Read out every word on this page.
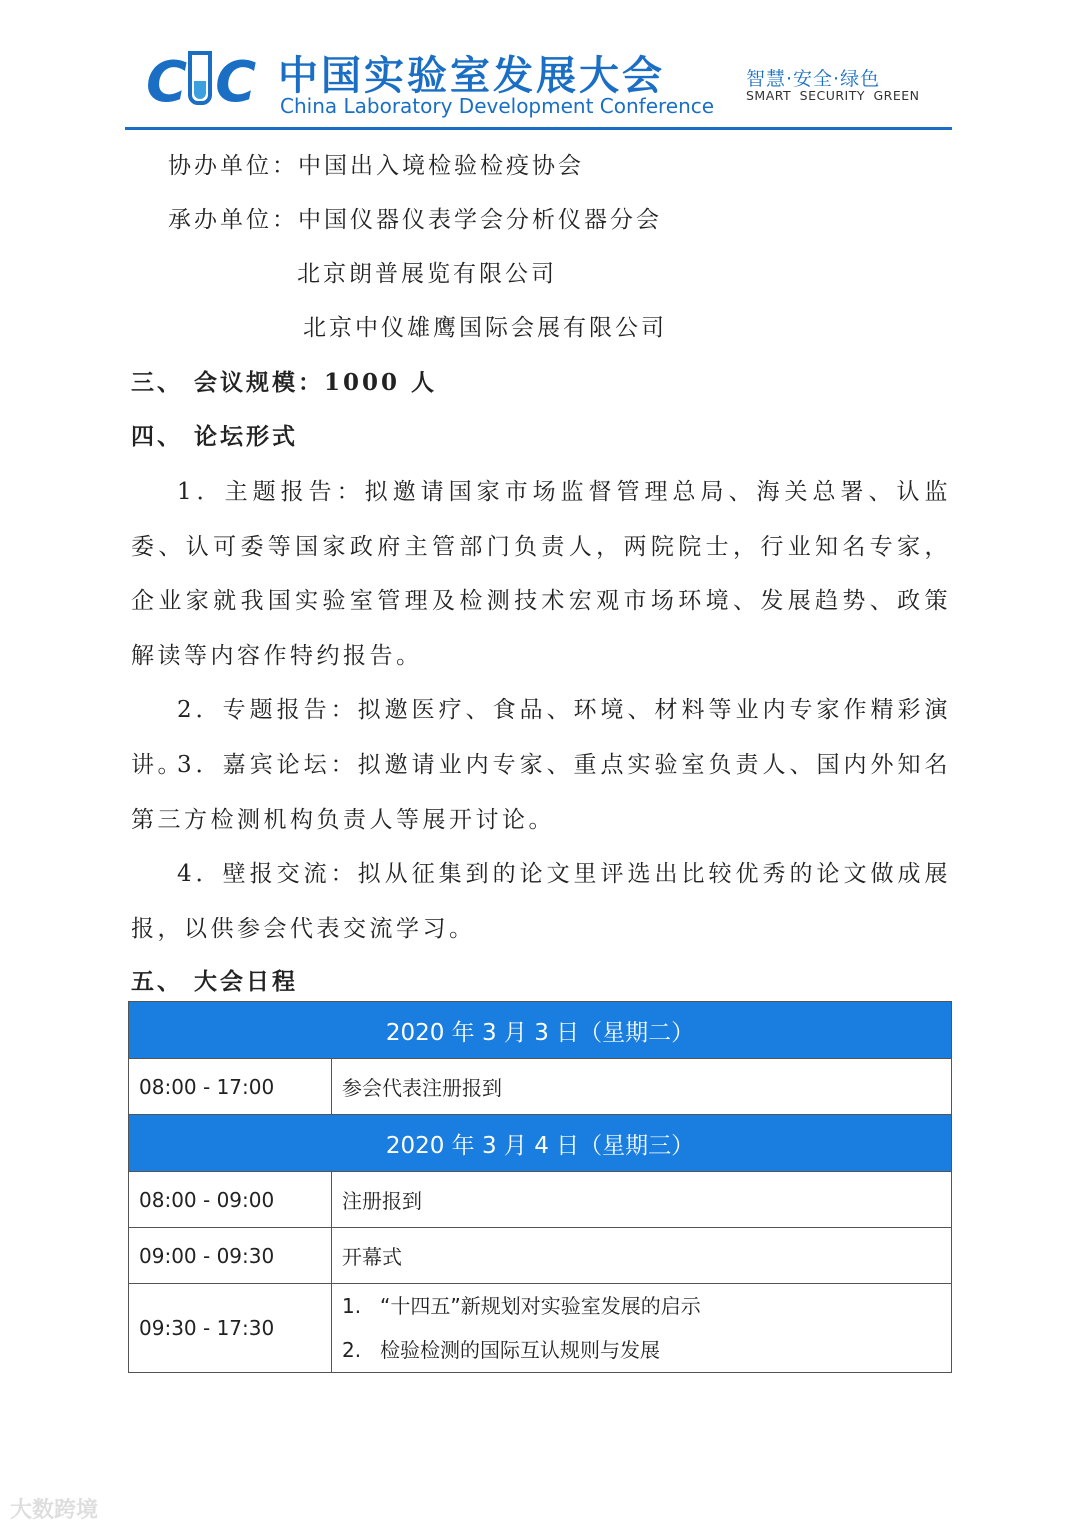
C C 中国实验室发展大会
China Laboratory Development Conference
智慧·安全·绿色
SMART SECURITY GREEN
协办单位：中国出入境检验检疫协会
承办单位：中国仪器仪表学会分析仪器分会
北京朗普展览有限公司
北京中仪雄鹰国际会展有限公司
三、 会议规模：1000 人
四、 论坛形式
1．主题报告：拟邀请国家市场监督管理总局、海关总署、认监委、认可委等国家政府主管部门负责人，两院院士，行业知名专家，企业家就我国实验室管理及检测技术宏观市场环境、发展趋势、政策解读等内容作特约报告。
2．专题报告：拟邀医疗、食品、环境、材料等业内专家作精彩演讲。
3．嘉宾论坛：拟邀请业内专家、重点实验室负责人、国内外知名第三方检测机构负责人等展开讨论。
4．壁报交流：拟从征集到的论文里评选出比较优秀的论文做成展报，以供参会代表交流学习。
五、 大会日程
2020 年 3 月 3 日（星期二）	
08:00 - 17:00	参会代表注册报到
2020 年 3 月 4 日（星期三）	
08:00 - 09:00	注册报到
09:00 - 09:30	开幕式
09:30 - 17:30	1. “十四五”新规划对实验室发展的启示
2. 检验检测的国际互认规则与发展
大数跨境
